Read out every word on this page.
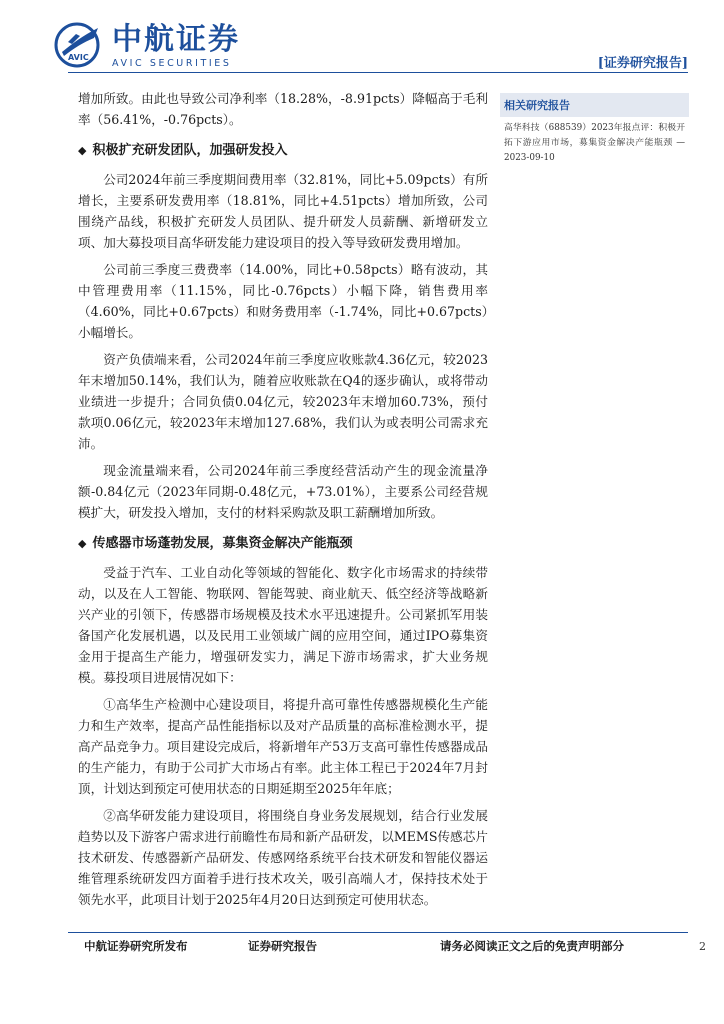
AVIC
中航证券
AVIC SECURITIES	[证券研究报告]

增加所致。由此也导致公司净利率（18.28%，-8.91pcts）降幅高于毛利率（56.41%，-0.76pcts）。

◆ 积极扩充研发团队，加强研发投入

公司2024年前三季度期间费用率（32.81%，同比+5.09pcts）有所增长，主要系研发费用率（18.81%，同比+4.51pcts）增加所致，公司围绕产品线，积极扩充研发人员团队、提升研发人员薪酬、新增研发立项、加大募投项目高华研发能力建设项目的投入等导致研发费用增加。

公司前三季度三费费率（14.00%，同比+0.58pcts）略有波动，其中管理费用率（11.15%，同比-0.76pcts）小幅下降，销售费用率（4.60%，同比+0.67pcts）和财务费用率（-1.74%，同比+0.67pcts）小幅增长。

资产负债端来看，公司2024年前三季度应收账款4.36亿元，较2023年末增加50.14%，我们认为，随着应收账款在Q4的逐步确认，或将带动业绩进一步提升；合同负债0.04亿元，较2023年末增加60.73%，预付款项0.06亿元，较2023年末增加127.68%，我们认为或表明公司需求充沛。

现金流量端来看，公司2024年前三季度经营活动产生的现金流量净额-0.84亿元（2023年同期-0.48亿元，+73.01%），主要系公司经营规模扩大，研发投入增加，支付的材料采购款及职工薪酬增加所致。

◆ 传感器市场蓬勃发展，募集资金解决产能瓶颈

受益于汽车、工业自动化等领域的智能化、数字化市场需求的持续带动，以及在人工智能、物联网、智能驾驶、商业航天、低空经济等战略新兴产业的引领下，传感器市场规模及技术水平迅速提升。公司紧抓军用装备国产化发展机遇，以及民用工业领域广阔的应用空间，通过IPO募集资金用于提高生产能力，增强研发实力，满足下游市场需求，扩大业务规模。募投项目进展情况如下：

①高华生产检测中心建设项目，将提升高可靠性传感器规模化生产能力和生产效率，提高产品性能指标以及对产品质量的高标准检测水平，提高产品竞争力。项目建设完成后，将新增年产53万支高可靠性传感器成品的生产能力，有助于公司扩大市场占有率。此主体工程已于2024年7月封顶，计划达到预定可使用状态的日期延期至2025年年底；

②高华研发能力建设项目，将围绕自身业务发展规划，结合行业发展趋势以及下游客户需求进行前瞻性布局和新产品研发，以MEMS传感芯片技术研发、传感器新产品研发、传感网络系统平台技术研发和智能仪器运维管理系统研发四方面着手进行技术攻关，吸引高端人才，保持技术处于领先水平，此项目计划于2025年4月20日达到预定可使用状态。

相关研究报告
高华科技（688539）2023年报点评：积极开拓下游应用市场，募集资金解决产能瓶颈 —2023-09-10
中航证券研究所发布	证券研究报告	请务必阅读正文之后的免责声明部分	2
